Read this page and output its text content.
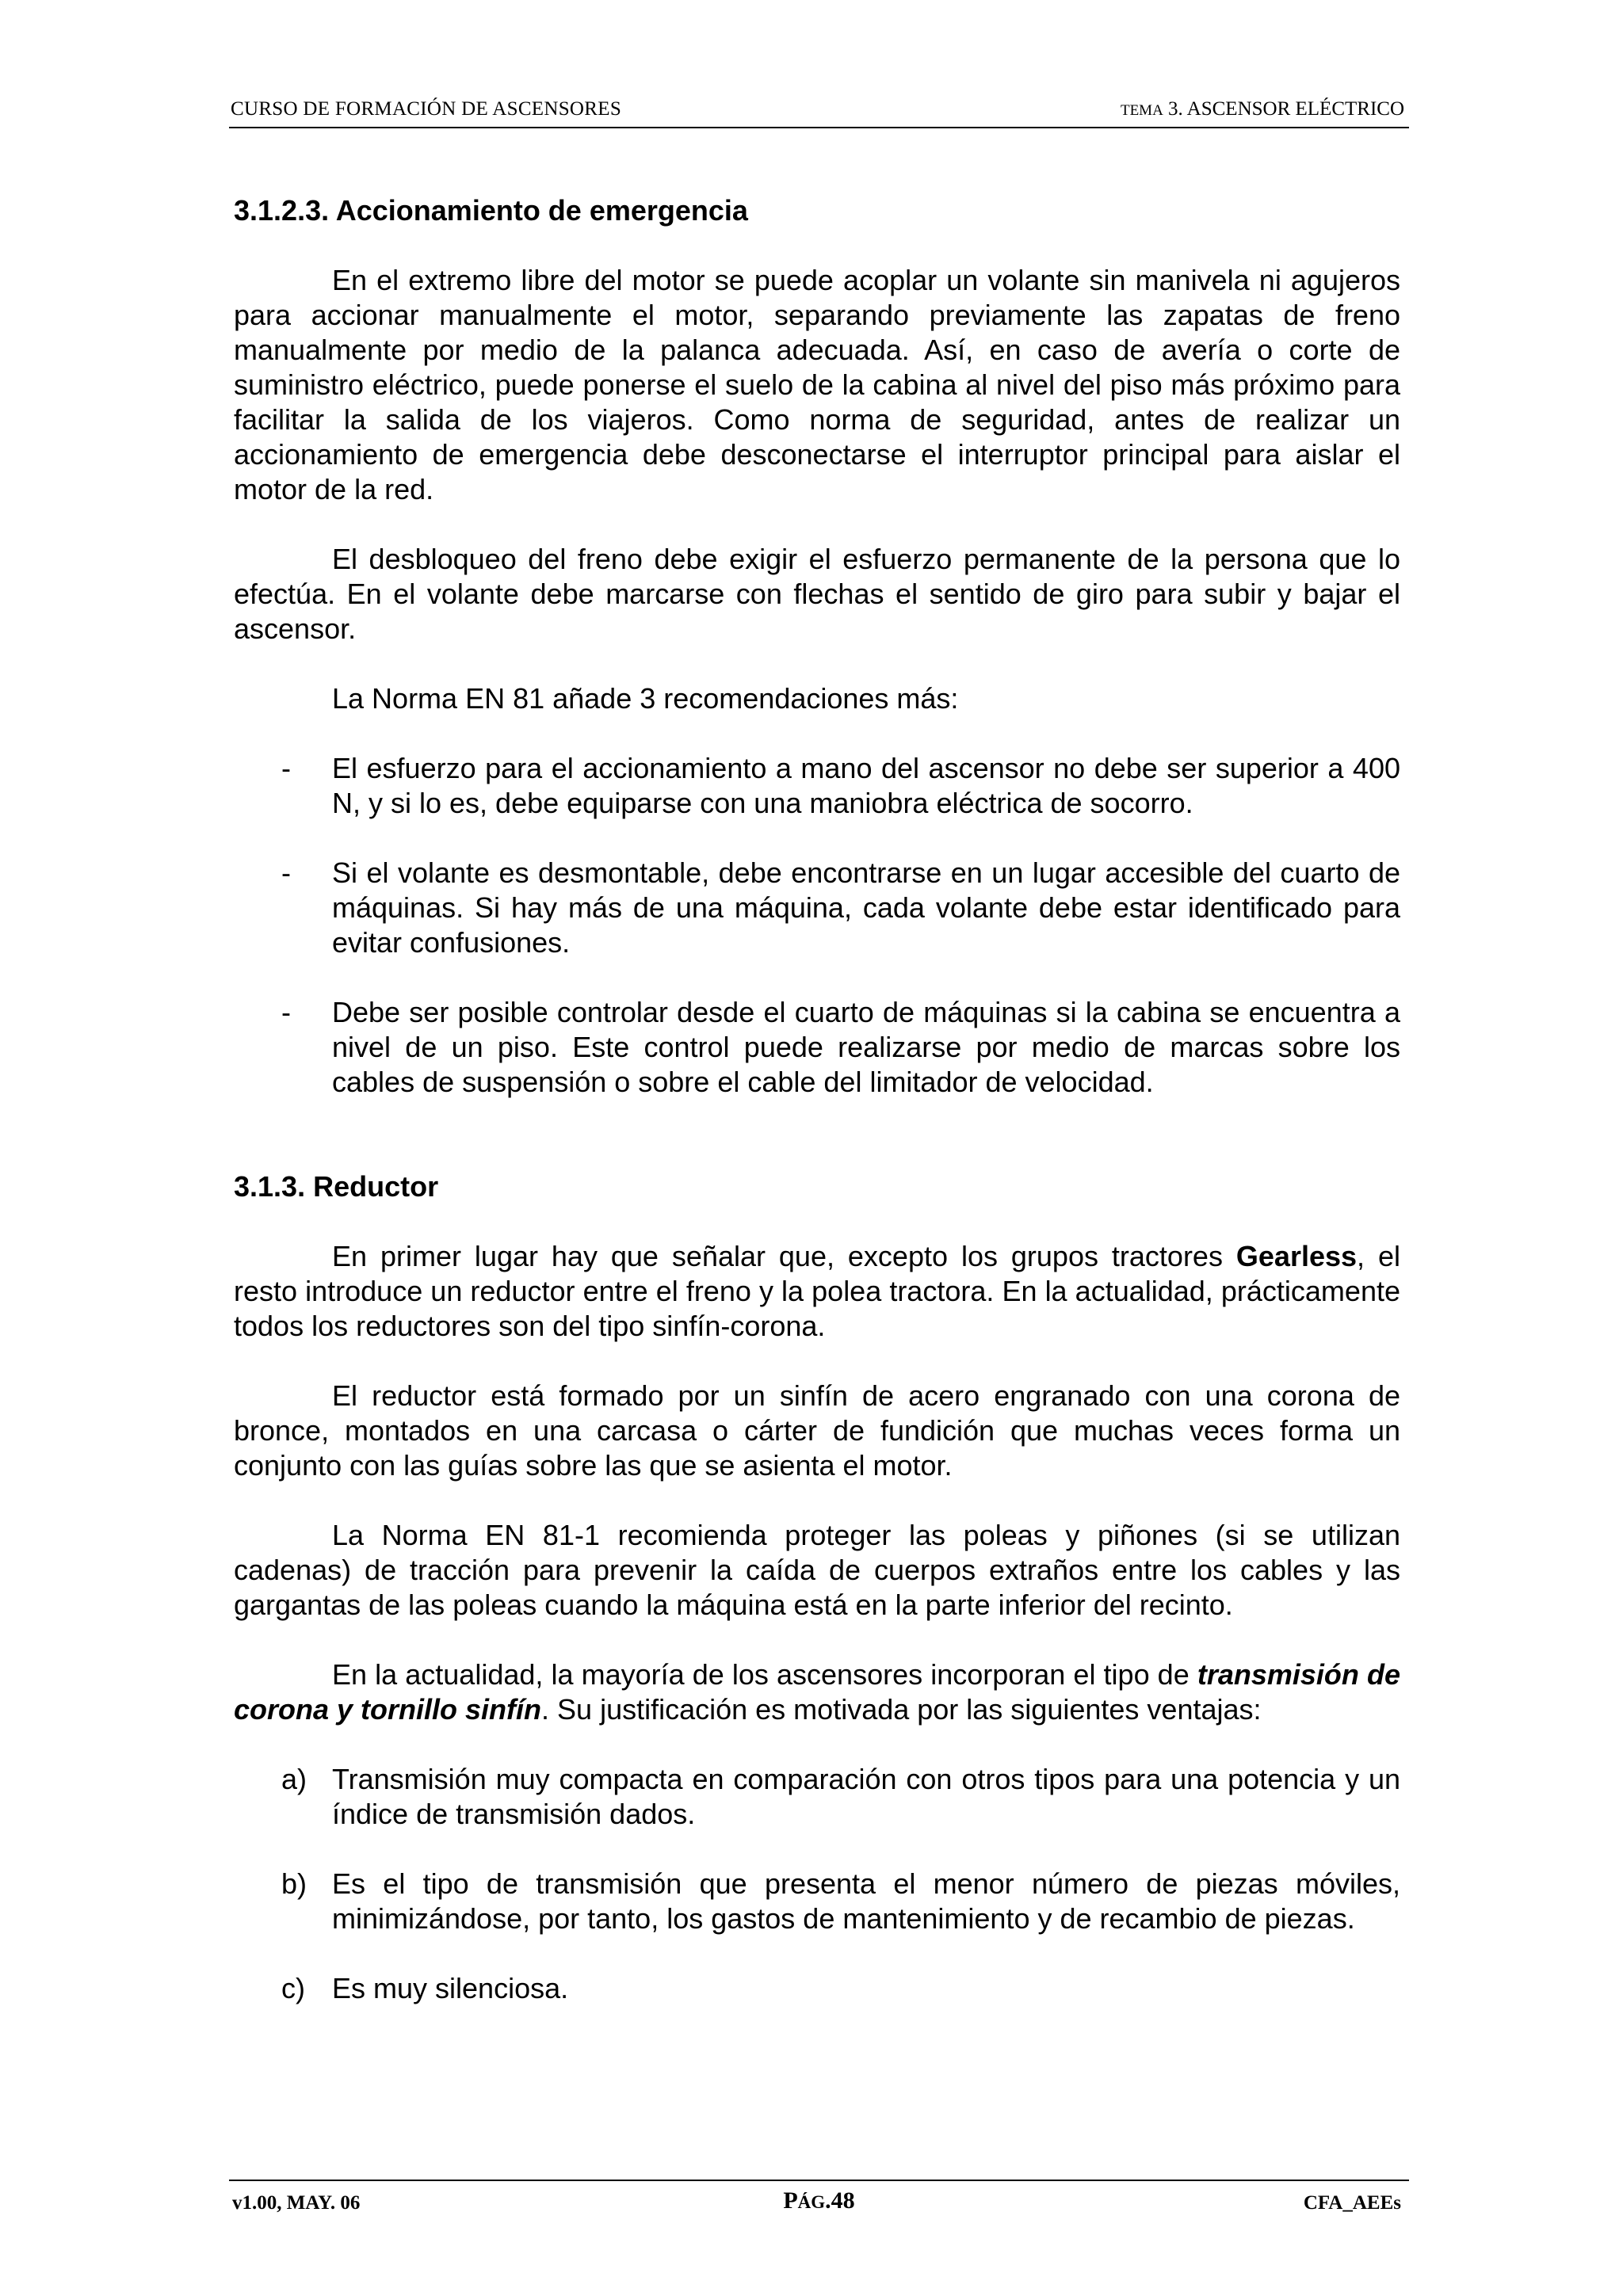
CURSO DE FORMACIÓN DE ASCENSORES	TEMA 3. ASCENSOR ELÉCTRICO
3.1.2.3. Accionamiento de emergencia

En el extremo libre del motor se puede acoplar un volante sin manivela ni agujeros para accionar manualmente el motor, separando previamente las zapatas de freno manualmente por medio de la palanca adecuada. Así, en caso de avería o corte de suministro eléctrico, puede ponerse el suelo de la cabina al nivel del piso más próximo para facilitar la salida de los viajeros. Como norma de seguridad, antes de realizar un accionamiento de emergencia debe desconectarse el interruptor principal para aislar el motor de la red.

El desbloqueo del freno debe exigir el esfuerzo permanente de la persona que lo efectúa. En el volante debe marcarse con flechas el sentido de giro para subir y bajar el ascensor.

La Norma EN 81 añade 3 recomendaciones más:

-	El esfuerzo para el accionamiento a mano del ascensor no debe ser superior a 400 N, y si lo es, debe equiparse con una maniobra eléctrica de socorro.
-	Si el volante es desmontable, debe encontrarse en un lugar accesible del cuarto de máquinas. Si hay más de una máquina, cada volante debe estar identificado para evitar confusiones.
-	Debe ser posible controlar desde el cuarto de máquinas si la cabina se encuentra a nivel de un piso. Este control puede realizarse por medio de marcas sobre los cables de suspensión o sobre el cable del limitador de velocidad.
3.1.3. Reductor

En primer lugar hay que señalar que, excepto los grupos tractores Gearless, el resto introduce un reductor entre el freno y la polea tractora. En la actualidad, prácticamente todos los reductores son del tipo sinfín-corona.

El reductor está formado por un sinfín de acero engranado con una corona de bronce, montados en una carcasa o cárter de fundición que muchas veces forma un conjunto con las guías sobre las que se asienta el motor.

La Norma EN 81-1 recomienda proteger las poleas y piñones (si se utilizan cadenas) de tracción para prevenir la caída de cuerpos extraños entre los cables y las gargantas de las poleas cuando la máquina está en la parte inferior del recinto.

En la actualidad, la mayoría de los ascensores incorporan el tipo de transmisión de corona y tornillo sinfín. Su justificación es motivada por las siguientes ventajas:

a) Transmisión muy compacta en comparación con otros tipos para una potencia y un índice de transmisión dados.
b) Es el tipo de transmisión que presenta el menor número de piezas móviles, minimizándose, por tanto, los gastos de mantenimiento y de recambio de piezas.
c) Es muy silenciosa.
v1.00, MAY. 06	PÁG.48	CFA_AEEs
